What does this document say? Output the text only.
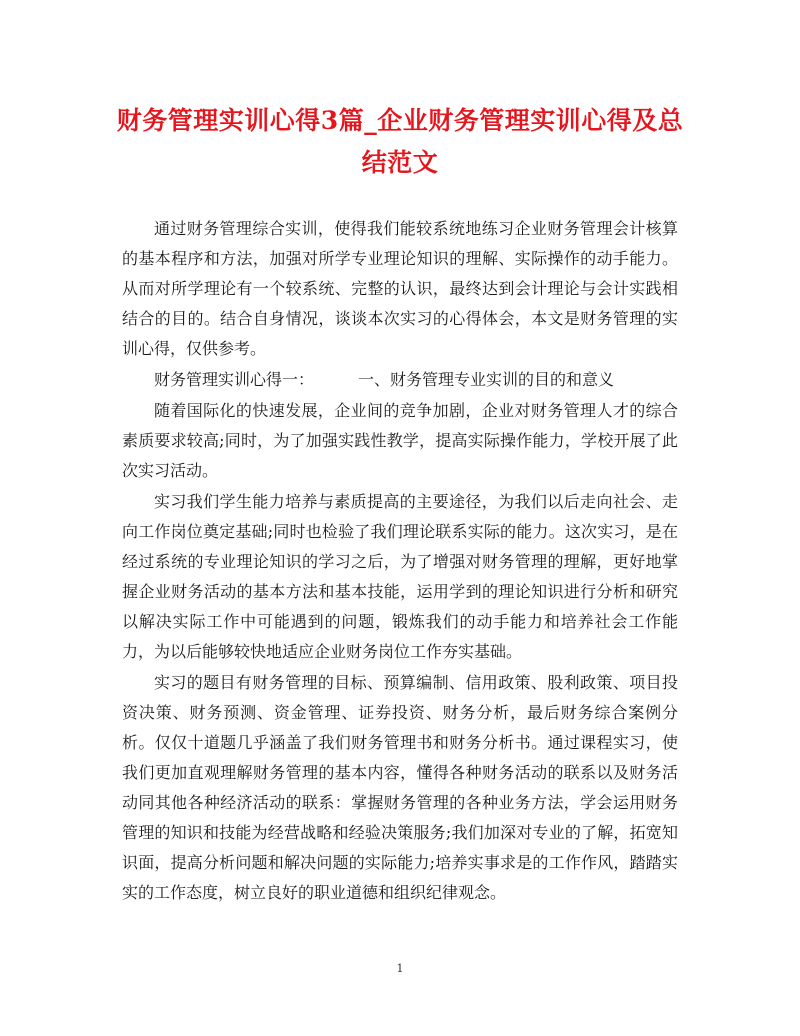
财务管理实训心得3篇_企业财务管理实训心得及总结范文

通过财务管理综合实训，使得我们能较系统地练习企业财务管理会计核算的基本程序和方法，加强对所学专业理论知识的理解、实际操作的动手能力。从而对所学理论有一个较系统、完整的认识，最终达到会计理论与会计实践相结合的目的。结合自身情况，谈谈本次实习的心得体会，本文是财务管理的实训心得，仅供参考。

财务管理实训心得一：	一、财务管理专业实训的目的和意义

随着国际化的快速发展，企业间的竞争加剧，企业对财务管理人才的综合素质要求较高;同时，为了加强实践性教学，提高实际操作能力，学校开展了此次实习活动。

实习我们学生能力培养与素质提高的主要途径，为我们以后走向社会、走向工作岗位奠定基础;同时也检验了我们理论联系实际的能力。这次实习，是在经过系统的专业理论知识的学习之后，为了增强对财务管理的理解，更好地掌握企业财务活动的基本方法和基本技能，运用学到的理论知识进行分析和研究以解决实际工作中可能遇到的问题，锻炼我们的动手能力和培养社会工作能力，为以后能够较快地适应企业财务岗位工作夯实基础。

实习的题目有财务管理的目标、预算编制、信用政策、股利政策、项目投资决策、财务预测、资金管理、证券投资、财务分析，最后财务综合案例分析。仅仅十道题几乎涵盖了我们财务管理书和财务分析书。通过课程实习，使我们更加直观理解财务管理的基本内容，懂得各种财务活动的联系以及财务活动同其他各种经济活动的联系：掌握财务管理的各种业务方法，学会运用财务管理的知识和技能为经营战略和经验决策服务;我们加深对专业的了解，拓宽知识面，提高分析问题和解决问题的实际能力;培养实事求是的工作作风，踏踏实实的工作态度，树立良好的职业道德和组织纪律观念。

1
